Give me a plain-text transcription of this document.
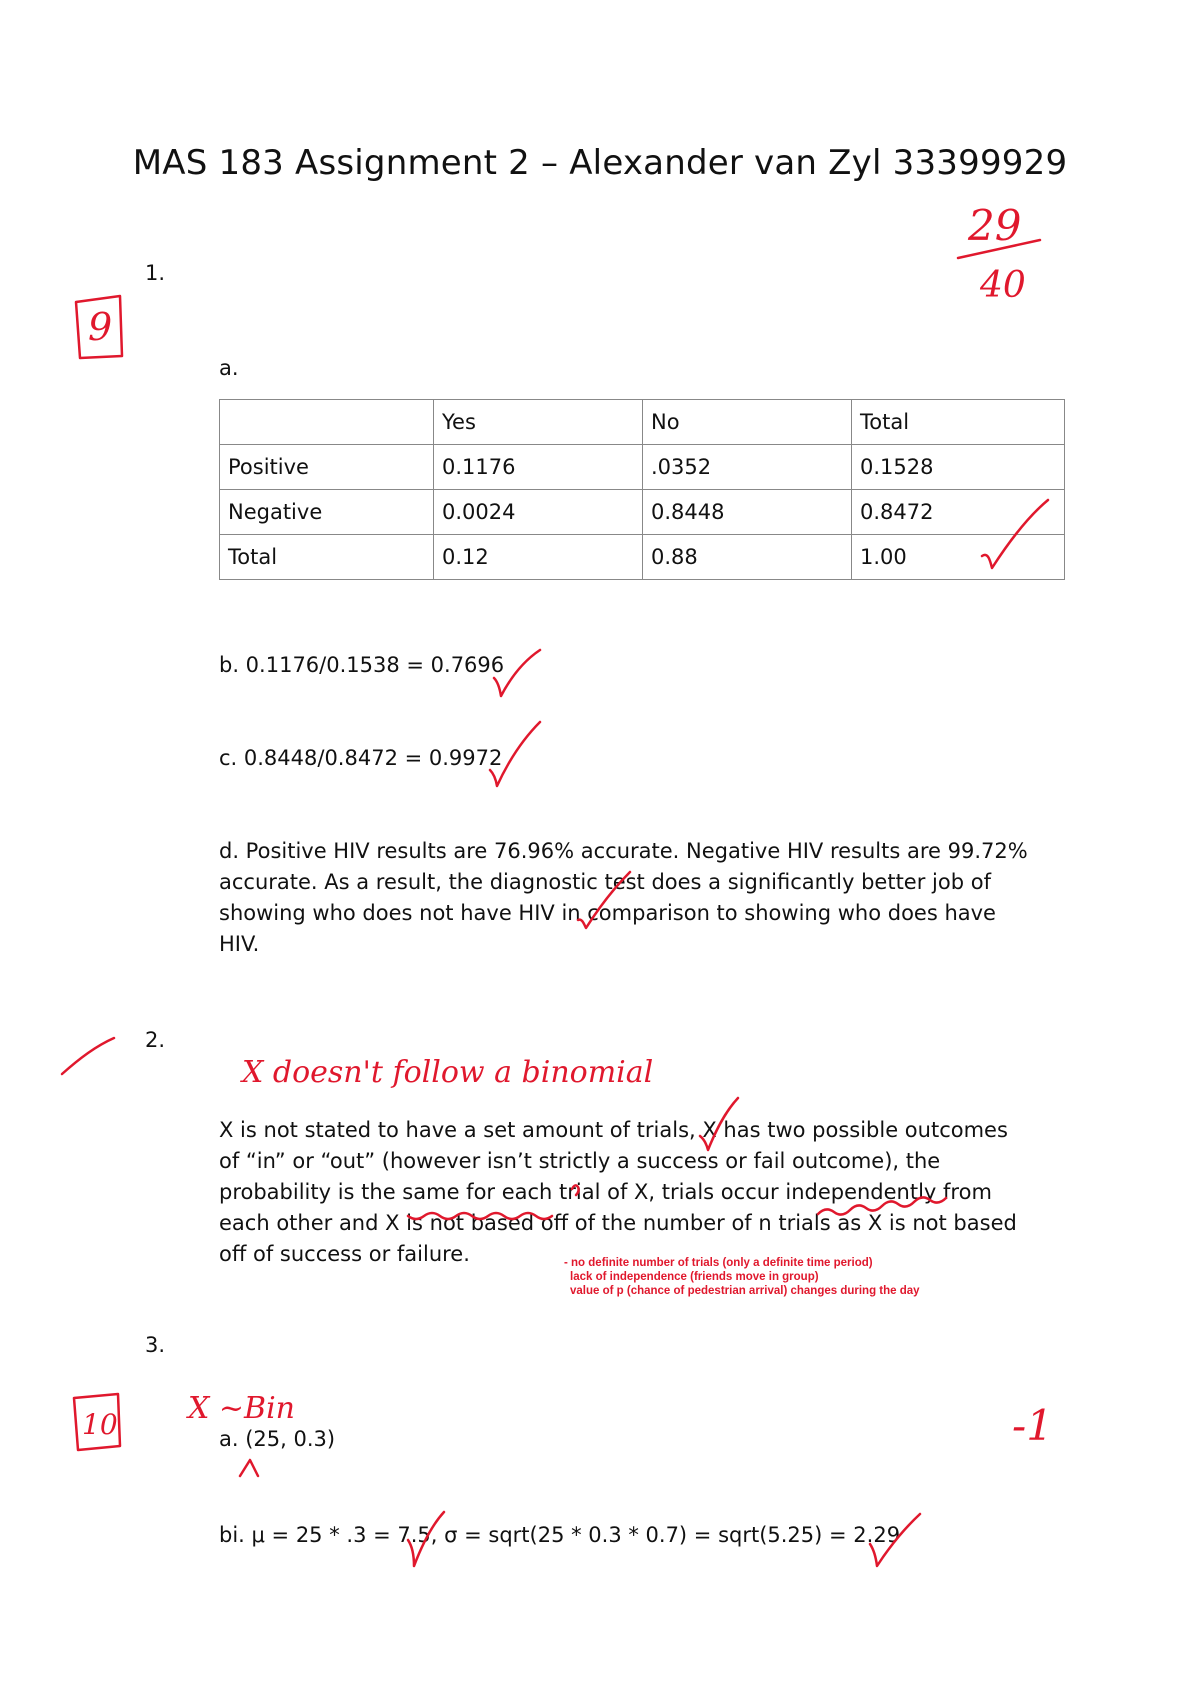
MAS 183 Assignment 2 – Alexander van Zyl 33399929
1.
a.
	Yes	No	Total
Positive	0.1176	.0352	0.1528
Negative	0.0024	0.8448	0.8472
Total	0.12	0.88	1.00
b. 0.1176/0.1538 = 0.7696
c. 0.8448/0.8472 = 0.9972
d. Positive HIV results are 76.96% accurate. Negative HIV results are 99.72%
accurate. As a result, the diagnostic test does a significantly better job of
showing who does not have HIV in comparison to showing who does have
HIV.
2.
X is not stated to have a set amount of trials, X has two possible outcomes
of “in” or “out” (however isn’t strictly a success or fail outcome), the
probability is the same for each trial of X, trials occur independently from
each other and X is not based off of the number of n trials as X is not based
off of success or failure.	- no definite number of trials (only a definite time period)
lack of independence (friends move in group)
value of p (chance of pedestrian arrival) changes during the day
3.
a. (25, 0.3)
bi. μ = 25 * .3 = 7.5, σ = sqrt(25 * 0.3 * 0.7) = sqrt(5.25) = 2.29
29
40
9
X doesn't follow a binomial
10 X ~Bin	-1
